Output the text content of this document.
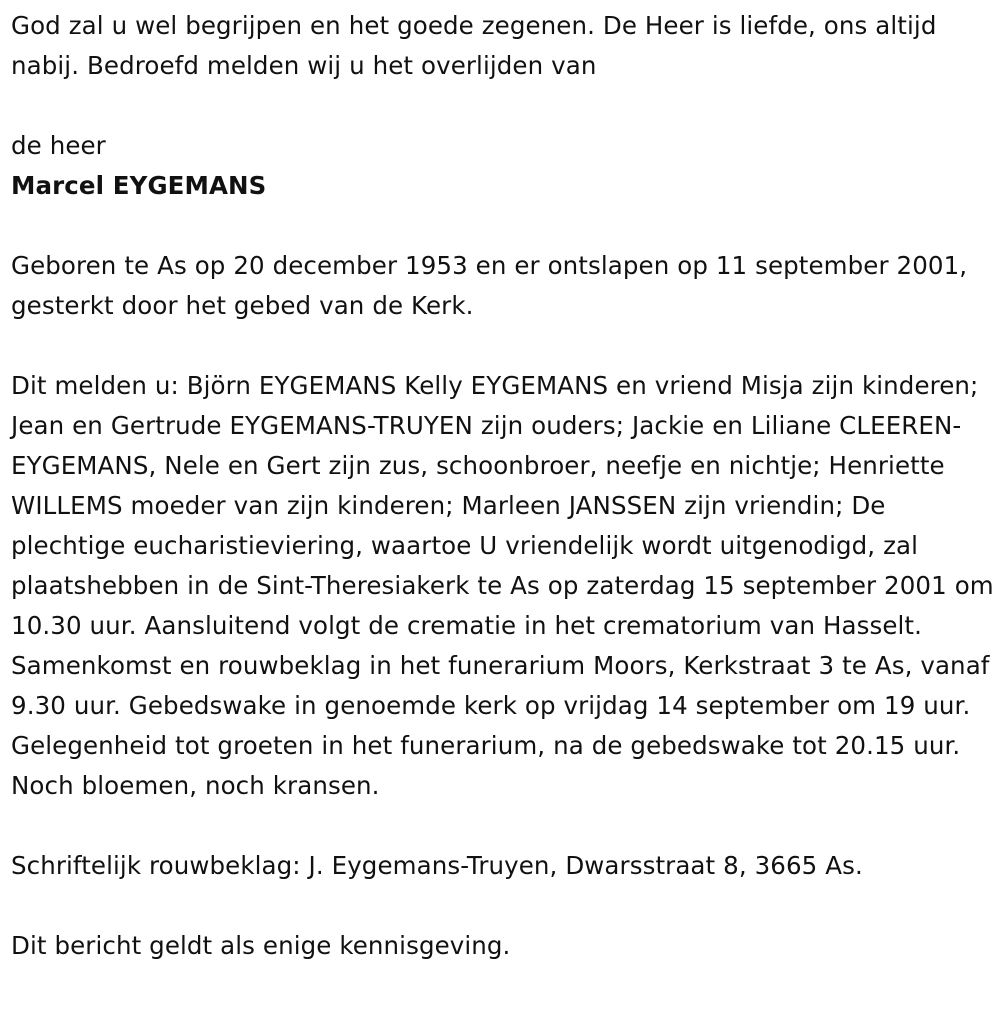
God zal u wel begrijpen en het goede zegenen. De Heer is liefde, ons altijd nabij. Bedroefd melden wij u het overlijden van

de heer

Marcel EYGEMANS

Geboren te As op 20 december 1953 en er ontslapen op 11 september 2001, gesterkt door het gebed van de Kerk.

Dit melden u: Björn EYGEMANS Kelly EYGEMANS en vriend Misja zijn kinderen; Jean en Gertrude EYGEMANS-TRUYEN zijn ouders; Jackie en Liliane CLEEREN-EYGEMANS, Nele en Gert zijn zus, schoonbroer, neefje en nichtje; Henriette WILLEMS moeder van zijn kinderen; Marleen JANSSEN zijn vriendin; De plechtige eucharistieviering, waartoe U vriendelijk wordt uitgenodigd, zal plaatshebben in de Sint-Theresiakerk te As op zaterdag 15 september 2001 om 10.30 uur. Aansluitend volgt de crematie in het crematorium van Hasselt. Samenkomst en rouwbeklag in het funerarium Moors, Kerkstraat 3 te As, vanaf 9.30 uur. Gebedswake in genoemde kerk op vrijdag 14 september om 19 uur. Gelegenheid tot groeten in het funerarium, na de gebedswake tot 20.15 uur. Noch bloemen, noch kransen.

Schriftelijk rouwbeklag: J. Eygemans-Truyen, Dwarsstraat 8, 3665 As.

Dit bericht geldt als enige kennisgeving.
